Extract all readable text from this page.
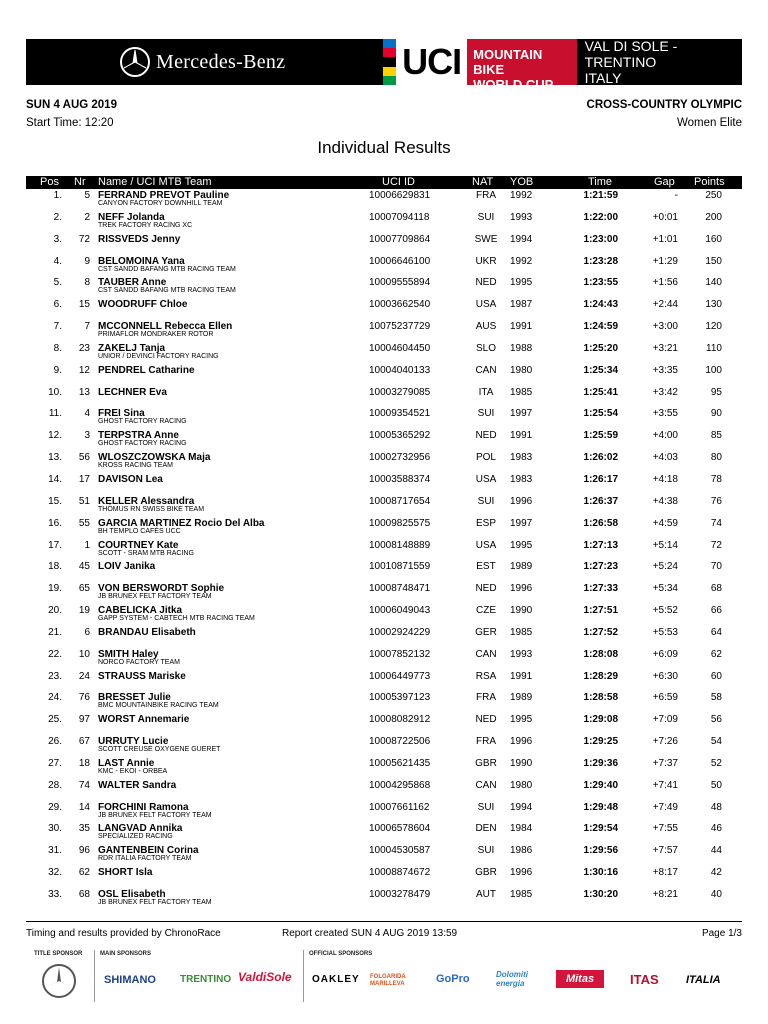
Mercedes-Benz	UCI MOUNTAIN BIKE
WORLD CUP
VAL DI SOLE - TRENTINO
ITALY
SUN 4 AUG 2019
Start Time: 12:20
CROSS-COUNTRY OLYMPIC
Women Elite
Individual Results
Pos Nr Name / UCI MTB Team	UCI ID	NAT YOB	Time	Gap Points
1.	5 FERRAND PREVOT Pauline	10006629831	FRA	1992	1:21:59	-	250
CANYON FACTORY DOWNHILL TEAM
2.	2 NEFF Jolanda	10007094118	SUI	1993	1:22:00	+0:01	200
TREK FACTORY RACING XC
3.	72 RISSVEDS Jenny	10007709864	SWE	1994	1:23:00	+1:01	160
4.	9 BELOMOINA Yana	10006646100	UKR	1992	1:23:28	+1:29	150
CST SANDD BAFANG MTB RACING TEAM
5.	8 TAUBER Anne	10009555894	NED	1995	1:23:55	+1:56	140
CST SANDD BAFANG MTB RACING TEAM
6.	15 WOODRUFF Chloe	10003662540	USA	1987	1:24:43	+2:44	130
7.	7 MCCONNELL Rebecca Ellen	10075237729	AUS	1991	1:24:59	+3:00	120
PRIMAFLOR MONDRAKER ROTOR
8.	23 ZAKELJ Tanja	10004604450	SLO	1988	1:25:20	+3:21	110
UNIOR / DEVINCI FACTORY RACING
9.	12 PENDREL Catharine	10004040133	CAN	1980	1:25:34	+3:35	100
10.	13 LECHNER Eva	10003279085	ITA	1985	1:25:41	+3:42	95
11.	4 FREI Sina	10009354521	SUI	1997	1:25:54	+3:55	90
GHOST FACTORY RACING
12.	3 TERPSTRA Anne	10005365292	NED	1991	1:25:59	+4:00	85
GHOST FACTORY RACING
13.	56 WLOSZCZOWSKA Maja	10002732956	POL	1983	1:26:02	+4:03	80
KROSS RACING TEAM
14.	17 DAVISON Lea	10003588374	USA	1983	1:26:17	+4:18	78
15.	51 KELLER Alessandra	10008717654	SUI	1996	1:26:37	+4:38	76
THÖMUS RN SWISS BIKE TEAM
16.	55 GARCIA MARTINEZ Rocio Del Alba	10009825575	ESP	1997	1:26:58	+4:59	74
BH TEMPLO CAFÉS UCC
17.	1 COURTNEY Kate	10008148889	USA	1995	1:27:13	+5:14	72
SCOTT - SRAM MTB RACING
18.	45 LOIV Janika	10010871559	EST	1989	1:27:23	+5:24	70
19.	65 VON BERSWORDT Sophie	10008748471	NED	1996	1:27:33	+5:34	68
JB BRUNEX FELT FACTORY TEAM
20.	19 CABELICKA Jitka	10006049043	CZE	1990	1:27:51	+5:52	66
GAPP SYSTEM - CABTECH MTB RACING TEAM
21.	6 BRANDAU Elisabeth	10002924229	GER	1985	1:27:52	+5:53	64
22.	10 SMITH Haley	10007852132	CAN	1993	1:28:08	+6:09	62
NORCO FACTORY TEAM
23.	24 STRAUSS Mariske	10006449773	RSA	1991	1:28:29	+6:30	60
24.	76 BRESSET Julie	10005397123	FRA	1989	1:28:58	+6:59	58
BMC MOUNTAINBIKE RACING TEAM
25.	97 WORST Annemarie	10008082912	NED	1995	1:29:08	+7:09	56
26.	67 URRUTY Lucie	10008722506	FRA	1996	1:29:25	+7:26	54
SCOTT CREUSE OXYGENE GUERET
27.	18 LAST Annie	10005621435	GBR	1990	1:29:36	+7:37	52
KMC - EKOI - ORBEA
28.	74 WALTER Sandra	10004295868	CAN	1980	1:29:40	+7:41	50
29.	14 FORCHINI Ramona	10007661162	SUI	1994	1:29:48	+7:49	48
JB BRUNEX FELT FACTORY TEAM
30.	35 LANGVAD Annika	10006578604	DEN	1984	1:29:54	+7:55	46
SPECIALIZED RACING
31.	96 GANTENBEIN Corina	10004530587	SUI	1986	1:29:56	+7:57	44
RDR ITALIA FACTORY TEAM
32.	62 SHORT Isla	10008874672	GBR	1996	1:30:16	+8:17	42
33.	68 OSL Elisabeth	10003278479	AUT	1985	1:30:20	+8:21	40
JB BRUNEX FELT FACTORY TEAM
Timing and results provided by ChronoRace	Report created SUN 4 AUG 2019 13:59	Page 1/3
TITLE SPONSOR	MAIN SPONSORS	OFFICIAL SPONSORS
SHIMANO TRENTINO ValdiSole OAKLEY FOLGARIDA MARILLEVA	GoPro	Dolomiti energia	Mitas	ITAS ITALIA
